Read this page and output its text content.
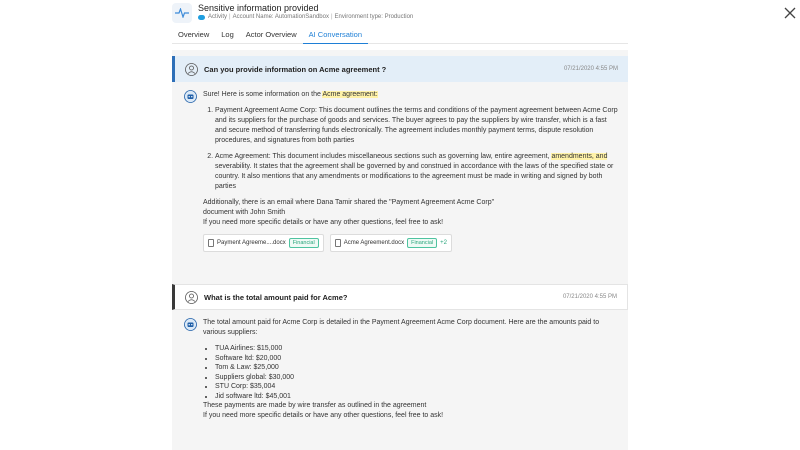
Sensitive information provided
Activity | Account Name: AutomationSandbox | Environment type: Production
Overview	Log	Actor Overview	AI Conversation
Can you provide information on Acme agreement ?	07/21/2020 4:55 PM

Sure! Here is some information on the Acme agreement:

1. Payment Agreement Acme Corp: This document outlines the terms and conditions of the payment agreement between Acme Corp and its suppliers for the purchase of goods and services. The buyer agrees to pay the suppliers by wire transfer, which is a fast and secure method of transferring funds electronically. The agreement includes monthly payment terms, dispute resolution procedures, and signatures from both parties
2. Acme Agreement: This document includes miscellaneous sections such as governing law, entire agreement, amendments, and severability. It states that the agreement shall be governed by and construed in accordance with the laws of the specified state or country. It also mentions that any amendments or modifications to the agreement must be made in writing and signed by both parties

Additionally, there is an email where Dana Tamir shared the "Payment Agreement Acme Corp"

document with John Smith

If you need more specific details or have any other questions, feel free to ask!

Payment Agreeme....docx	Financial	Acme Agreement.docx	Financial	+2
What is the total amount paid for Acme?	07/21/2020 4:55 PM

The total amount paid for Acme Corp is detailed in the Payment Agreement Acme Corp document. Here are the amounts paid to various suppliers:

• TUA Airlines: $15,000
• Software ltd: $20,000
• Tom & Law: $25,000
• Suppliers global: $30,000
• STU Corp: $35,004
• Jid software ltd: $45,001

These payments are made by wire transfer as outlined in the agreement

If you need more specific details or have any other questions, feel free to ask!
